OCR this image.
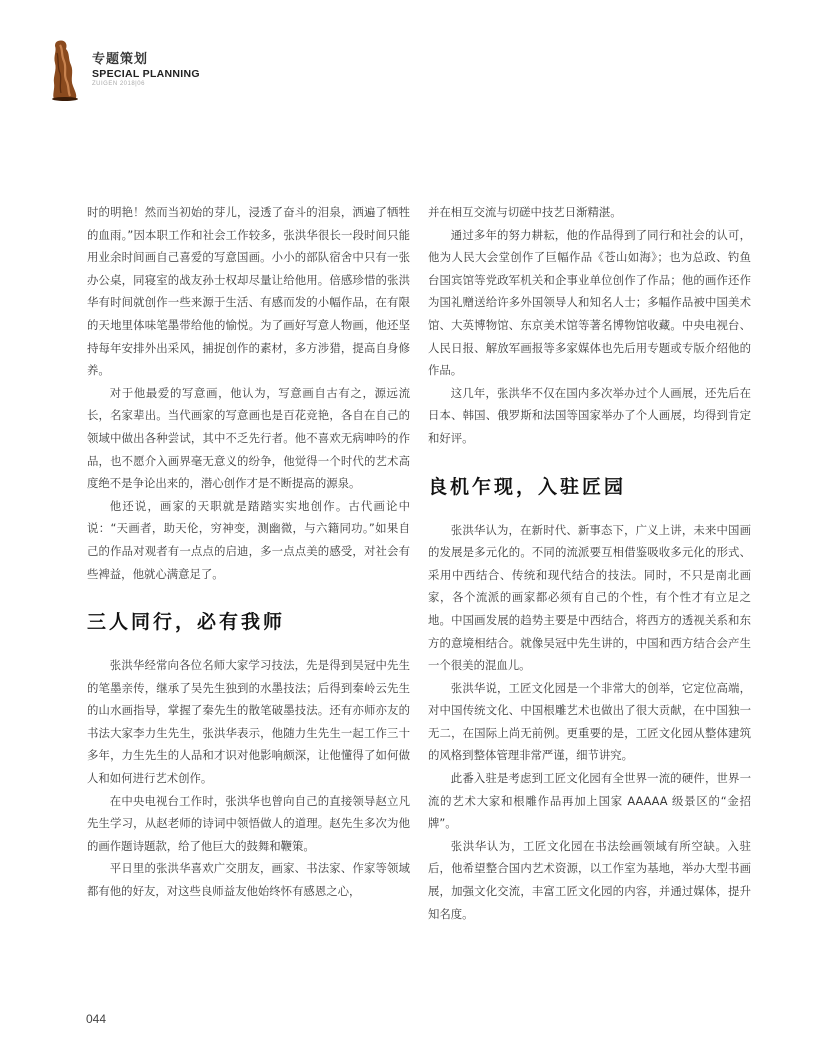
专题策划
SPECIAL PLANNING
ZUIGEN 2018|06

时的明艳！然而当初始的芽儿，浸透了奋斗的泪泉，洒遍了牺牲的血雨。”因本职工作和社会工作较多，张洪华很长一段时间只能用业余时间画自己喜爱的写意国画。小小的部队宿舍中只有一张办公桌，同寝室的战友孙士权却尽量让给他用。倍感珍惜的张洪华有时间就创作一些来源于生活、有感而发的小幅作品，在有限的天地里体味笔墨带给他的愉悦。为了画好写意人物画，他还坚持每年安排外出采风，捕捉创作的素材，多方涉猎，提高自身修养。

对于他最爱的写意画，他认为，写意画自古有之，源远流长，名家辈出。当代画家的写意画也是百花竞艳，各自在自己的领域中做出各种尝试，其中不乏先行者。他不喜欢无病呻吟的作品，也不愿介入画界毫无意义的纷争，他觉得一个时代的艺术高度绝不是争论出来的，潜心创作才是不断提高的源泉。

他还说，画家的天职就是踏踏实实地创作。古代画论中说：“天画者，助天伦，穷神变，测幽微，与六籍同功。”如果自己的作品对观者有一点点的启迪，多一点点美的感受，对社会有些裨益，他就心满意足了。

三人同行，必有我师

张洪华经常向各位名师大家学习技法，先是得到吴冠中先生的笔墨亲传，继承了吴先生独到的水墨技法；后得到秦岭云先生的山水画指导，掌握了秦先生的散笔破墨技法。还有亦师亦友的书法大家李力生先生，张洪华表示，他随力生先生一起工作三十多年，力生先生的人品和才识对他影响颇深，让他懂得了如何做人和如何进行艺术创作。

在中央电视台工作时，张洪华也曾向自己的直接领导赵立凡先生学习，从赵老师的诗词中领悟做人的道理。赵先生多次为他的画作题诗题款，给了他巨大的鼓舞和鞭策。

平日里的张洪华喜欢广交朋友，画家、书法家、作家等领域都有他的好友，对这些良师益友他始终怀有感恩之心，

并在相互交流与切磋中技艺日渐精湛。

通过多年的努力耕耘，他的作品得到了同行和社会的认可，他为人民大会堂创作了巨幅作品《苍山如海》；也为总政、钓鱼台国宾馆等党政军机关和企事业单位创作了作品；他的画作还作为国礼赠送给许多外国领导人和知名人士；多幅作品被中国美术馆、大英博物馆、东京美术馆等著名博物馆收藏。中央电视台、人民日报、解放军画报等多家媒体也先后用专题或专版介绍他的作品。

这几年，张洪华不仅在国内多次举办过个人画展，还先后在日本、韩国、俄罗斯和法国等国家举办了个人画展，均得到肯定和好评。

良机乍现，入驻匠园

张洪华认为，在新时代、新事态下，广义上讲，未来中国画的发展是多元化的。不同的流派要互相借鉴吸收多元化的形式、采用中西结合、传统和现代结合的技法。同时，不只是南北画家，各个流派的画家都必须有自己的个性，有个性才有立足之地。中国画发展的趋势主要是中西结合，将西方的透视关系和东方的意境相结合。就像吴冠中先生讲的，中国和西方结合会产生一个很美的混血儿。

张洪华说，工匠文化园是一个非常大的创举，它定位高端，对中国传统文化、中国根雕艺术也做出了很大贡献，在中国独一无二，在国际上尚无前例。更重要的是，工匠文化园从整体建筑的风格到整体管理非常严谨，细节讲究。

此番入驻是考虑到工匠文化园有全世界一流的硬件，世界一流的艺术大家和根雕作品再加上国家 AAAAA 级景区的“金招牌”。

张洪华认为，工匠文化园在书法绘画领域有所空缺。入驻后，他希望整合国内艺术资源，以工作室为基地，举办大型书画展，加强文化交流，丰富工匠文化园的内容，并通过媒体，提升知名度。

044
